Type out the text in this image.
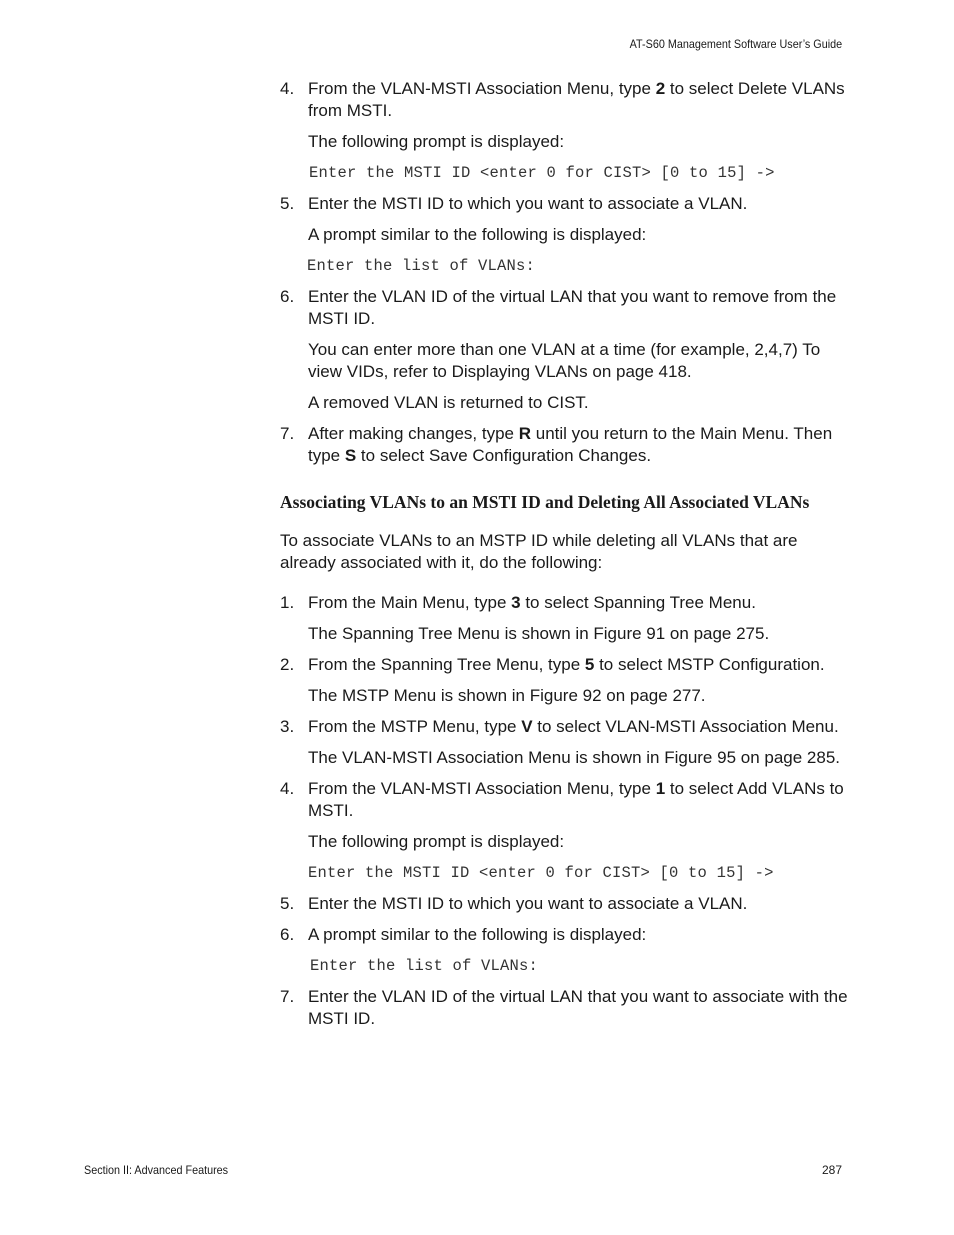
AT-S60 Management Software User’s Guide
4. From the VLAN-MSTI Association Menu, type 2 to select Delete VLANs from MSTI.
The following prompt is displayed:
Enter the MSTI ID <enter 0 for CIST> [0 to 15] ->
5. Enter the MSTI ID to which you want to associate a VLAN.
A prompt similar to the following is displayed:
Enter the list of VLANs:
6. Enter the VLAN ID of the virtual LAN that you want to remove from the MSTI ID.
You can enter more than one VLAN at a time (for example, 2,4,7) To view VIDs, refer to Displaying VLANs on page 418.
A removed VLAN is returned to CIST.
7. After making changes, type R until you return to the Main Menu. Then type S to select Save Configuration Changes.
Associating VLANs to an MSTI ID and Deleting All Associated VLANs
To associate VLANs to an MSTP ID while deleting all VLANs that are already associated with it, do the following:
1. From the Main Menu, type 3 to select Spanning Tree Menu.
The Spanning Tree Menu is shown in Figure 91 on page 275.
2. From the Spanning Tree Menu, type 5 to select MSTP Configuration.
The MSTP Menu is shown in Figure 92 on page 277.
3. From the MSTP Menu, type V to select VLAN-MSTI Association Menu.
The VLAN-MSTI Association Menu is shown in Figure 95 on page 285.
4. From the VLAN-MSTI Association Menu, type 1 to select Add VLANs to MSTI.
The following prompt is displayed:
Enter the MSTI ID <enter 0 for CIST> [0 to 15] ->
5. Enter the MSTI ID to which you want to associate a VLAN.
6. A prompt similar to the following is displayed:
Enter the list of VLANs:
7. Enter the VLAN ID of the virtual LAN that you want to associate with the MSTI ID.
Section II: Advanced Features	287
